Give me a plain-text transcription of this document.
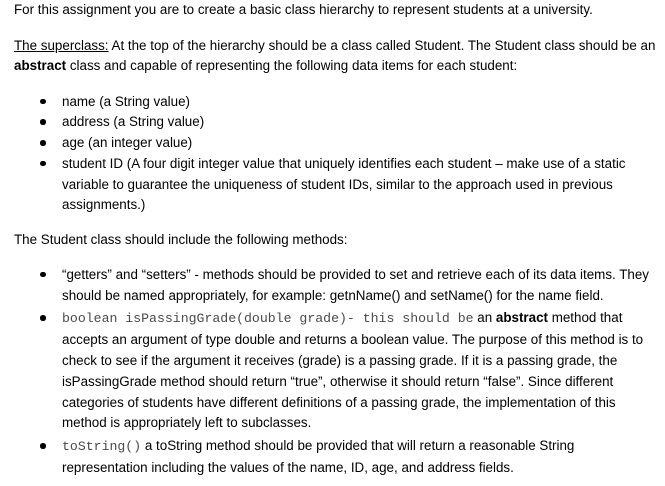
For this assignment you are to create a basic class hierarchy to represent students at a university.

The superclass: At the top of the hierarchy should be a class called Student. The Student class should be an abstract class and capable of representing the following data items for each student:

name (a String value)
address (a String value)
age (an integer value)
student ID (A four digit integer value that uniquely identifies each student – make use of a static variable to guarantee the uniqueness of student IDs, similar to the approach used in previous assignments.)

The Student class should include the following methods:

“getters” and “setters” - methods should be provided to set and retrieve each of its data items. They should be named appropriately, for example: getnName() and setName() for the name field.
boolean isPassingGrade(double grade)- this should be an abstract method that accepts an argument of type double and returns a boolean value. The purpose of this method is to check to see if the argument it receives (grade) is a passing grade. If it is a passing grade, the isPassingGrade method should return “true”, otherwise it should return “false”. Since different categories of students have different definitions of a passing grade, the implementation of this method is appropriately left to subclasses.
toString() a toString method should be provided that will return a reasonable String representation including the values of the name, ID, age, and address fields.
